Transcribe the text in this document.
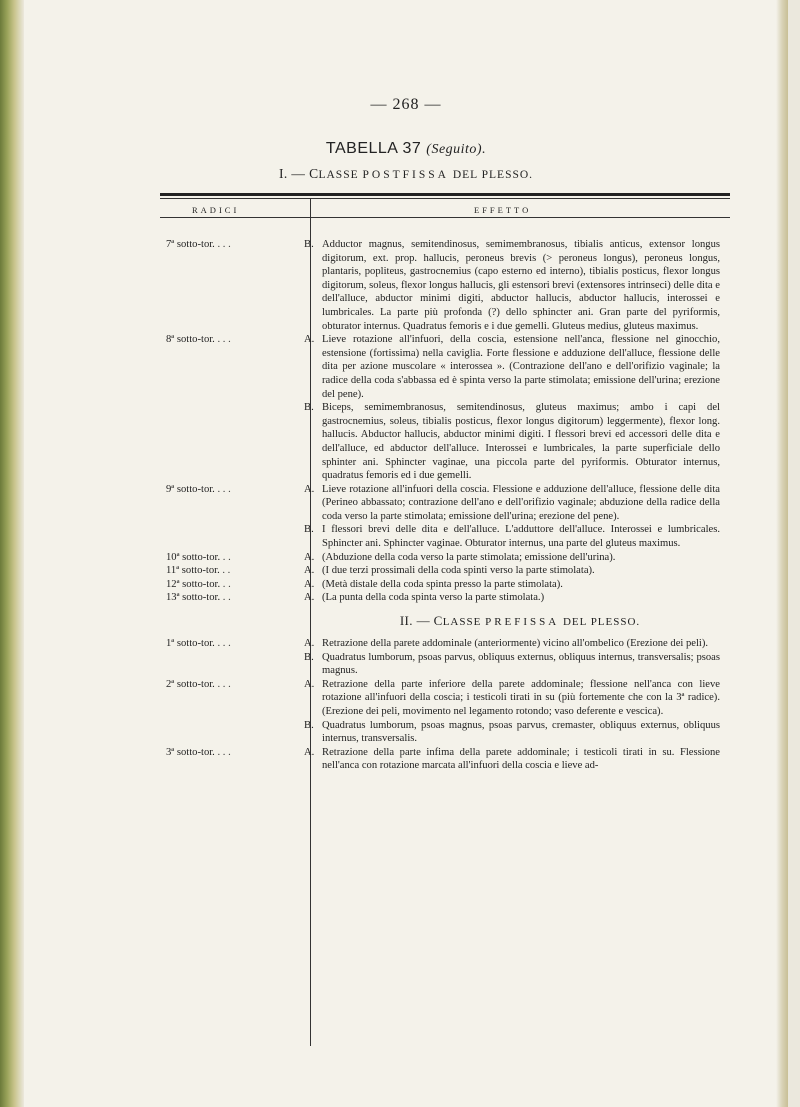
— 268 —
TABELLA 37 (Seguito).
I. — CLASSE POSTFISSA DEL PLESSO.
RADICI	EFFETTO
7ª sotto-tor. . . .	B. Adductor magnus, semitendinosus, semimembranosus, tibialis anticus, extensor longus digitorum, ext. prop. hallucis, peroneus brevis (> peroneus longus), peroneus longus, plantaris, popliteus, gastrocnemius (capo esterno ed interno), tibialis posticus, flexor longus digitorum, soleus, flexor longus hallucis, gli estensori brevi (extensores intrinseci) delle dita e dell'alluce, abductor minimi digiti, abductor hallucis, abductor hallucis, interossei e lumbricales. La parte più profonda (?) dello sphincter ani. Gran parte del pyriformis, obturator internus. Quadratus femoris e i due gemelli. Gluteus medius, gluteus maximus.
8ª sotto-tor. . . .	A. Lieve rotazione all'infuori, della coscia, estensione nell'anca, flessione nel ginocchio, estensione (fortissima) nella caviglia. Forte flessione e adduzione dell'alluce, flessione delle dita per azione muscolare « interossea ». (Contrazione dell'ano e dell'orifizio vaginale; la radice della coda s'abbassa ed è spinta verso la parte stimolata; emissione dell'urina; erezione del pene).
B. Biceps, semimembranosus, semitendinosus, gluteus maximus; ambo i capi del gastrocnemius, soleus, tibialis posticus, flexor longus digitorum) leggermente), flexor long. hallucis. Abductor hallucis, abductor minimi digiti. I flessori brevi ed accessori delle dita e dell'alluce, ed abductor dell'alluce. Interossei e lumbricales, la parte superficiale dello sphinter ani. Sphincter vaginae, una piccola parte del pyriformis. Obturator internus, quadratus femoris ed i due gemelli.
9ª sotto-tor. . . .	A. Lieve rotazione all'infuori della coscia. Flessione e adduzione dell'alluce, flessione delle dita (Perineo abbassato; contrazione dell'ano e dell'orifizio vaginale; abduzione della radice della coda verso la parte stimolata; emissione dell'urina; erezione del pene).
B. I flessori brevi delle dita e dell'alluce. L'adduttore dell'alluce. Interossei e lumbricales. Sphincter ani. Sphincter vaginae. Obturator internus, una parte del gluteus maximus.
10ª sotto-tor. . .	A. (Abduzione della coda verso la parte stimolata; emissione dell'urina).
11ª sotto-tor. . .	A. (I due terzi prossimali della coda spinti verso la parte stimolata).
12ª sotto-tor. . .	A. (Metà distale della coda spinta presso la parte stimolata).
13ª sotto-tor. . .	A. (La punta della coda spinta verso la parte stimolata.)
II. — CLASSE PREFISSA DEL PLESSO.
1ª sotto-tor. . . .	A. Retrazione della parete addominale (anteriormente) vicino all'ombelico (Erezione dei peli).
B. Quadratus lumborum, psoas parvus, obliquus externus, obliquus internus, transversalis; psoas magnus.
2ª sotto-tor. . . .	A. Retrazione della parte inferiore della parete addominale; flessione nell'anca con lieve rotazione all'infuori della coscia; i testicoli tirati in su (più fortemente che con la 3ª radice). (Erezione dei peli, movimento nel legamento rotondo; vaso deferente e vescica).
B. Quadratus lumborum, psoas magnus, psoas parvus, cremaster, obliquus externus, obliquus internus, transversalis.
3ª sotto-tor. . . .	A. Retrazione della parte infima della parete addominale; i testicoli tirati in su. Flessione nell'anca con rotazione marcata all'infuori della coscia e lieve ad-
